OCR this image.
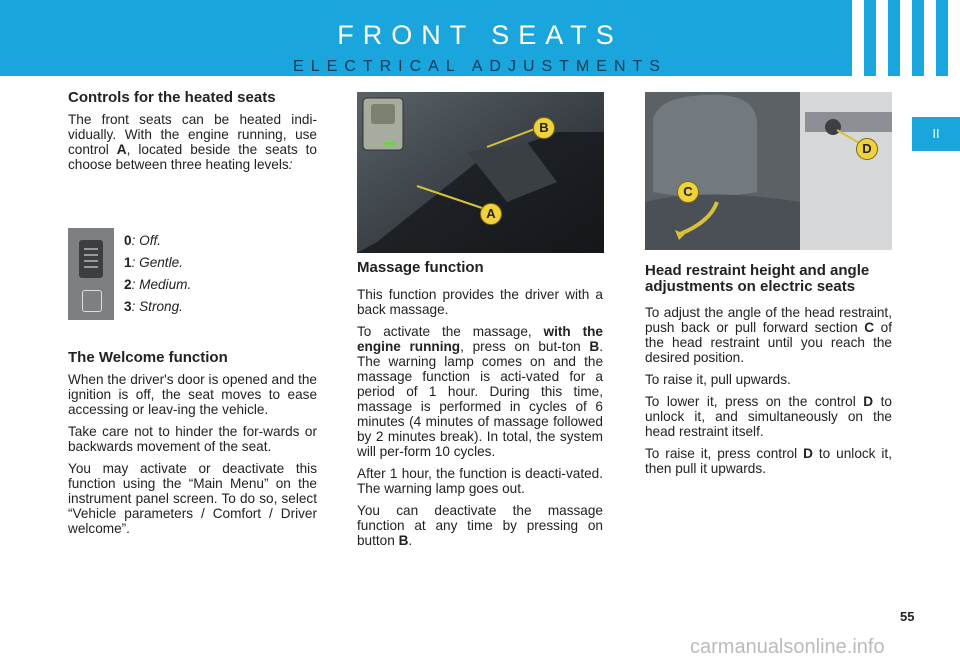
FRONT SEATS
ELECTRICAL ADJUSTMENTS
II
Controls for the heated seats

The front seats can be heated indi-vidually. With the engine running, use control A, located beside the seats to choose between three heating levels:

0: Off.
1: Gentle.
2: Medium.
3: Strong.
The Welcome function

When the driver's door is opened and the ignition is off, the seat moves to ease accessing or leav-ing the vehicle.

Take care not to hinder the for-wards or backwards movement of the seat.

You may activate or deactivate this function using the “Main Menu” on the instrument panel screen. To do so, select “Vehicle parameters / Comfort / Driver welcome”.

A
B
Massage function

This function provides the driver with a back massage.

To activate the massage, with the engine running, press on but-ton B. The warning lamp comes on and the massage function is acti-vated for a period of 1 hour. During this time, massage is performed in cycles of 6 minutes (4 minutes of massage followed by 2 minutes break). In total, the system will per-form 10 cycles.

After 1 hour, the function is deacti-vated. The warning lamp goes out.

You can deactivate the massage function at any time by pressing on button B.

C
D
Head restraint height and angle adjustments on electric seats

To adjust the angle of the head restraint, push back or pull forward section C of the head restraint until you reach the desired position.

To raise it, pull upwards.

To lower it, press on the control D to unlock it, and simultaneously on the head restraint itself.

To raise it, press control D to unlock it, then pull it upwards.

55
carmanualsonline.info
